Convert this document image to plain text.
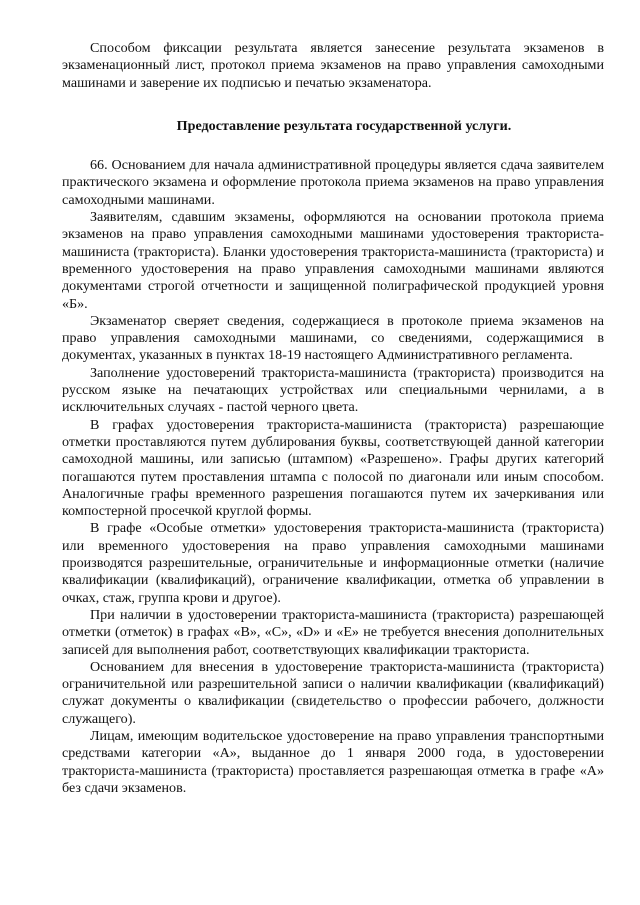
Способом фиксации результата является занесение результата экзаменов в экзаменационный лист, протокол приема экзаменов на право управления самоходными машинами и заверение их подписью и печатью экзаменатора.

Предоставление результата государственной услуги.

66. Основанием для начала административной процедуры является сдача заявителем практического экзамена и оформление протокола приема экзаменов на право управления самоходными машинами.

Заявителям, сдавшим экзамены, оформляются на основании протокола приема экзаменов на право управления самоходными машинами удостоверения тракториста-машиниста (тракториста). Бланки удостоверения тракториста-машиниста (тракториста) и временного удостоверения на право управления самоходными машинами являются документами строгой отчетности и защищенной полиграфической продукцией уровня «Б».

Экзаменатор сверяет сведения, содержащиеся в протоколе приема экзаменов на право управления самоходными машинами, со сведениями, содержащимися в документах, указанных в пунктах 18-19 настоящего Административного регламента.

Заполнение удостоверений тракториста-машиниста (тракториста) производится на русском языке на печатающих устройствах или специальными чернилами, а в исключительных случаях - пастой черного цвета.

В графах удостоверения тракториста-машиниста (тракториста) разрешающие отметки проставляются путем дублирования буквы, соответствующей данной категории самоходной машины, или записью (штампом) «Разрешено». Графы других категорий погашаются путем проставления штампа с полосой по диагонали или иным способом. Аналогичные графы временного разрешения погашаются путем их зачеркивания или компостерной просечкой круглой формы.

В графе «Особые отметки» удостоверения тракториста-машиниста (тракториста) или временного удостоверения на право управления самоходными машинами производятся разрешительные, ограничительные и информационные отметки (наличие квалификации (квалификаций), ограничение квалификации, отметка об управлении в очках, стаж, группа крови и другое).

При наличии в удостоверении тракториста-машиниста (тракториста) разрешающей отметки (отметок) в графах «В», «С», «D» и «Е» не требуется внесения дополнительных записей для выполнения работ, соответствующих квалификации тракториста.

Основанием для внесения в удостоверение тракториста-машиниста (тракториста) ограничительной или разрешительной записи о наличии квалификации (квалификаций) служат документы о квалификации (свидетельство о профессии рабочего, должности служащего).

Лицам, имеющим водительское удостоверение на право управления транспортными средствами категории «А», выданное до 1 января 2000 года, в удостоверении тракториста-машиниста (тракториста) проставляется разрешающая отметка в графе «А» без сдачи экзаменов.
